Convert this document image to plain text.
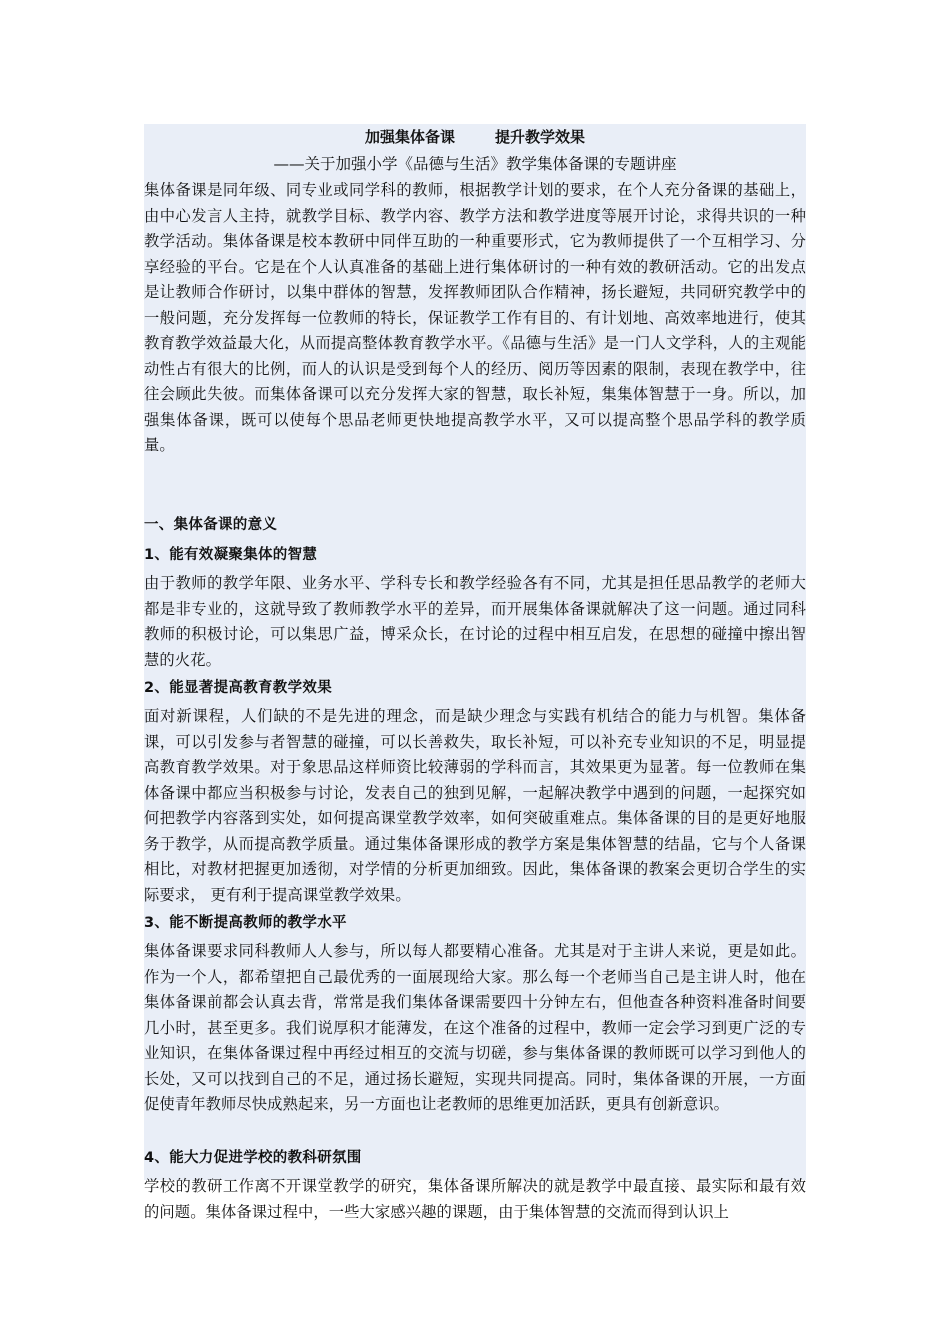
加强集体备课	提升教学效果
——关于加强小学《品德与生活》教学集体备课的专题讲座

集体备课是同年级、同专业或同学科的教师，根据教学计划的要求，在个人充分备课的基础上，由中心发言人主持，就教学目标、教学内容、教学方法和教学进度等展开讨论，求得共识的一种教学活动。集体备课是校本教研中同伴互助的一种重要形式，它为教师提供了一个互相学习、分享经验的平台。它是在个人认真准备的基础上进行集体研讨的一种有效的教研活动。它的出发点是让教师合作研讨，以集中群体的智慧，发挥教师团队合作精神，扬长避短，共同研究教学中的一般问题，充分发挥每一位教师的特长，保证教学工作有目的、有计划地、高效率地进行，使其教育教学效益最大化，从而提高整体教育教学水平。《品德与生活》是一门人文学科，人的主观能动性占有很大的比例，而人的认识是受到每个人的经历、阅历等因素的限制，表现在教学中，往往会顾此失彼。而集体备课可以充分发挥大家的智慧，取长补短，集集体智慧于一身。所以，加强集体备课，既可以使每个思品老师更快地提高教学水平，又可以提高整个思品学科的教学质量。

一、集体备课的意义
1、能有效凝聚集体的智慧

由于教师的教学年限、业务水平、学科专长和教学经验各有不同，尤其是担任思品教学的老师大都是非专业的，这就导致了教师教学水平的差异，而开展集体备课就解决了这一问题。通过同科教师的积极讨论，可以集思广益，博采众长，在讨论的过程中相互启发，在思想的碰撞中擦出智慧的火花。

2、能显著提高教育教学效果

面对新课程，人们缺的不是先进的理念，而是缺少理念与实践有机结合的能力与机智。集体备课，可以引发参与者智慧的碰撞，可以长善救失，取长补短，可以补充专业知识的不足，明显提高教育教学效果。对于象思品这样师资比较薄弱的学科而言，其效果更为显著。每一位教师在集体备课中都应当积极参与讨论，发表自己的独到见解，一起解决教学中遇到的问题，一起探究如何把教学内容落到实处，如何提高课堂教学效率，如何突破重难点。集体备课的目的是更好地服务于教学，从而提高教学质量。通过集体备课形成的教学方案是集体智慧的结晶，它与个人备课相比，对教材把握更加透彻，对学情的分析更加细致。因此，集体备课的教案会更切合学生的实际要求， 更有利于提高课堂教学效果。

3、能不断提高教师的教学水平

集体备课要求同科教师人人参与，所以每人都要精心准备。尤其是对于主讲人来说，更是如此。作为一个人，都希望把自己最优秀的一面展现给大家。那么每一个老师当自己是主讲人时，他在集体备课前都会认真去背，常常是我们集体备课需要四十分钟左右，但他查各种资料准备时间要几小时，甚至更多。我们说厚积才能薄发，在这个准备的过程中，教师一定会学习到更广泛的专业知识，在集体备课过程中再经过相互的交流与切磋，参与集体备课的教师既可以学习到他人的长处，又可以找到自己的不足，通过扬长避短，实现共同提高。同时，集体备课的开展，一方面促使青年教师尽快成熟起来，另一方面也让老教师的思维更加活跃，更具有创新意识。

4、能大力促进学校的教科研氛围

学校的教研工作离不开课堂教学的研究，集体备课所解决的就是教学中最直接、最实际和最有效的问题。集体备课过程中，一些大家感兴趣的课题，由于集体智慧的交流而得到认识上
